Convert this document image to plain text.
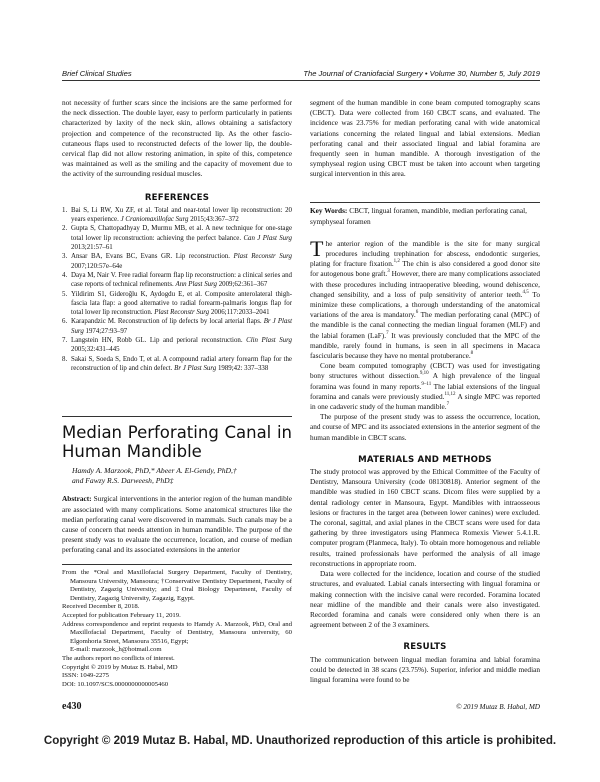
Brief Clinical Studies	The Journal of Craniofacial Surgery • Volume 30, Number 5, July 2019

not necessity of further scars since the incisions are the same performed for the neck dissection. The double layer, easy to perform particularly in patients characterized by laxity of the neck skin, allows obtaining a satisfactory projection and competence of the reconstructed lip. As the other fascio-cutaneous flaps used to reconstructed defects of the lower lip, the double-cervical flap did not allow restoring animation, in spite of this, competence was maintained as well as the smiling and the capacity of movement due to the activity of the surrounding residual muscles.

REFERENCES
1. Bai S, Li RW, Xu ZF, et al. Total and near-total lower lip reconstruction: 20 years experience. J Craniomaxillofac Surg 2015;43:367–372
2. Gupta S, Chattopadhyay D, Murmu MB, et al. A new technique for one-stage total lower lip reconstruction: achieving the perfect balance. Can J Plast Surg 2013;21:57–61
3. Ansar BA, Evans BC, Evans GR. Lip reconstruction. Plast Reconstr Surg 2007;120:57e–64e
4. Daya M, Nair V. Free radial forearm flap lip reconstruction: a clinical series and case reports of technical refinements. Ann Plast Surg 2009;62:361–367
5. Yildirim S1, Gideroğlu K, Aydogdu E, et al. Composite anterolateral thigh-fascia lata flap: a good alternative to radial forearm-palmaris longus flap for total lower lip reconstruction. Plast Reconstr Surg 2006;117:2033–2041
6. Karapandzic M. Reconstruction of lip defects by local arterial flaps. Br J Plast Surg 1974;27:93–97
7. Langstein HN, Robb GL. Lip and perioral reconstruction. Clin Plast Surg 2005;32:431–445
8. Sakai S, Soeda S, Endo T, et al. A compound radial artery forearm flap for the reconstruction of lip and chin defect. Br J Plast Surg 1989;42: 337–338
Median Perforating Canal in Human Mandible
Hamdy A. Marzook, PhD,* Abeer A. El-Gendy, PhD,†
and Fawzy R.S. Darweesh, PhD‡

Abstract: Surgical interventions in the anterior region of the human mandible are associated with many complications. Some anatomical structures like the median perforating canal were discovered in mammals. Such canals may be a cause of concern that needs attention in human mandible. The purpose of the present study was to evaluate the occurrence, location, and course of median perforating canal and its associated extensions in the anterior

From the *Oral and Maxillofacial Surgery Department, Faculty of Dentistry, Mansoura University, Mansoura; †Conservative Dentistry Department, Faculty of Dentistry, Zagazig University; and ‡Oral Biology Department, Faculty of Dentistry, Zagazig University, Zagazig, Egypt.
Received December 8, 2018.
Accepted for publication February 11, 2019.
Address correspondence and reprint requests to Hamdy A. Marzook, PhD, Oral and Maxillofacial Department, Faculty of Dentistry, Mansoura university, 60 Elgomhoria Street, Mansoura 35516, Egypt;
E-mail: marzook_h@hotmail.com
The authors report no conflicts of interest.
Copyright © 2019 by Mutaz B. Habal, MD
ISSN: 1049-2275
DOI: 10.1097/SCS.0000000000005460

segment of the human mandible in cone beam computed tomography scans (CBCT). Data were collected from 160 CBCT scans, and evaluated. The incidence was 23.75% for median perforating canal with wide anatomical variations concerning the related lingual and labial extensions. Median perforating canal and their associated lingual and labial foramina are frequently seen in human mandible. A thorough investigation of the symphyseal region using CBCT must be taken into account when targeting surgical intervention in this area.

Key Words: CBCT, lingual foramen, mandible, median perforating canal, symphyseal foramen

The anterior region of the mandible is the site for many surgical procedures including trephination for abscess, endodontic surgeries, plating for fracture fixation.$^{1,2}$ The chin is also considered a good donor site for autogenous bone graft.$^3$ However, there are many complications associated with these procedures including intraoperative bleeding, wound dehiscence, changed sensibility, and a loss of pulp sensitivity of anterior teeth.$^{4,5}$ To minimize these complications, a thorough understanding of the anatomical variations of the area is mandatory.$^6$ The median perforating canal (MPC) of the mandible is the canal connecting the median lingual foramen (MLF) and the labial foramen (LaF).$^7$ It was previously concluded that the MPC of the mandible, rarely found in humans, is seen in all specimens in Macaca fascicularis because they have no mental protuberance.$^8$

Cone beam computed tomography (CBCT) was used for investigating bony structures without dissection.$^{9,10}$ A high prevalence of the lingual foramina was found in many reports.$^{9-11}$ The labial extensions of the lingual foramina and canals were previously studied.$^{11,12}$ A single MPC was reported in one cadaveric study of the human mandible.$^7$

The purpose of the present study was to assess the occurrence, location, and course of MPC and its associated extensions in the anterior segment of the human mandible in CBCT scans.

MATERIALS AND METHODS

The study protocol was approved by the Ethical Committee of the Faculty of Dentistry, Mansoura University (code 08130818). Anterior segment of the mandible was studied in 160 CBCT scans. Dicom files were supplied by a dental radiology center in Mansoura, Egypt. Mandibles with intraosseous lesions or fractures in the target area (between lower canines) were excluded. The coronal, sagittal, and axial planes in the CBCT scans were used for data gathering by three investigators using Planmeca Romexis Viewer 5.4.1.R. computer program (Planmeca, Italy). To obtain more homogenous and reliable results, trained professionals have performed the analysis of all image reconstructions in appropriate room.

Data were collected for the incidence, location and course of the studied structures, and evaluated. Labial canals intersecting with lingual foramina or making connection with the incisive canal were recorded. Foramina located near midline of the mandible and their canals were also investigated. Recorded foramina and canals were considered only when there is an agreement between 2 of the 3 examiners.

RESULTS

The communication between lingual median foramina and labial foramina could be detected in 38 scans (23.75%). Superior, inferior and middle median lingual foramina were found to be

e430	© 2019 Mutaz B. Habal, MD
Copyright © 2019 Mutaz B. Habal, MD. Unauthorized reproduction of this article is prohibited.
